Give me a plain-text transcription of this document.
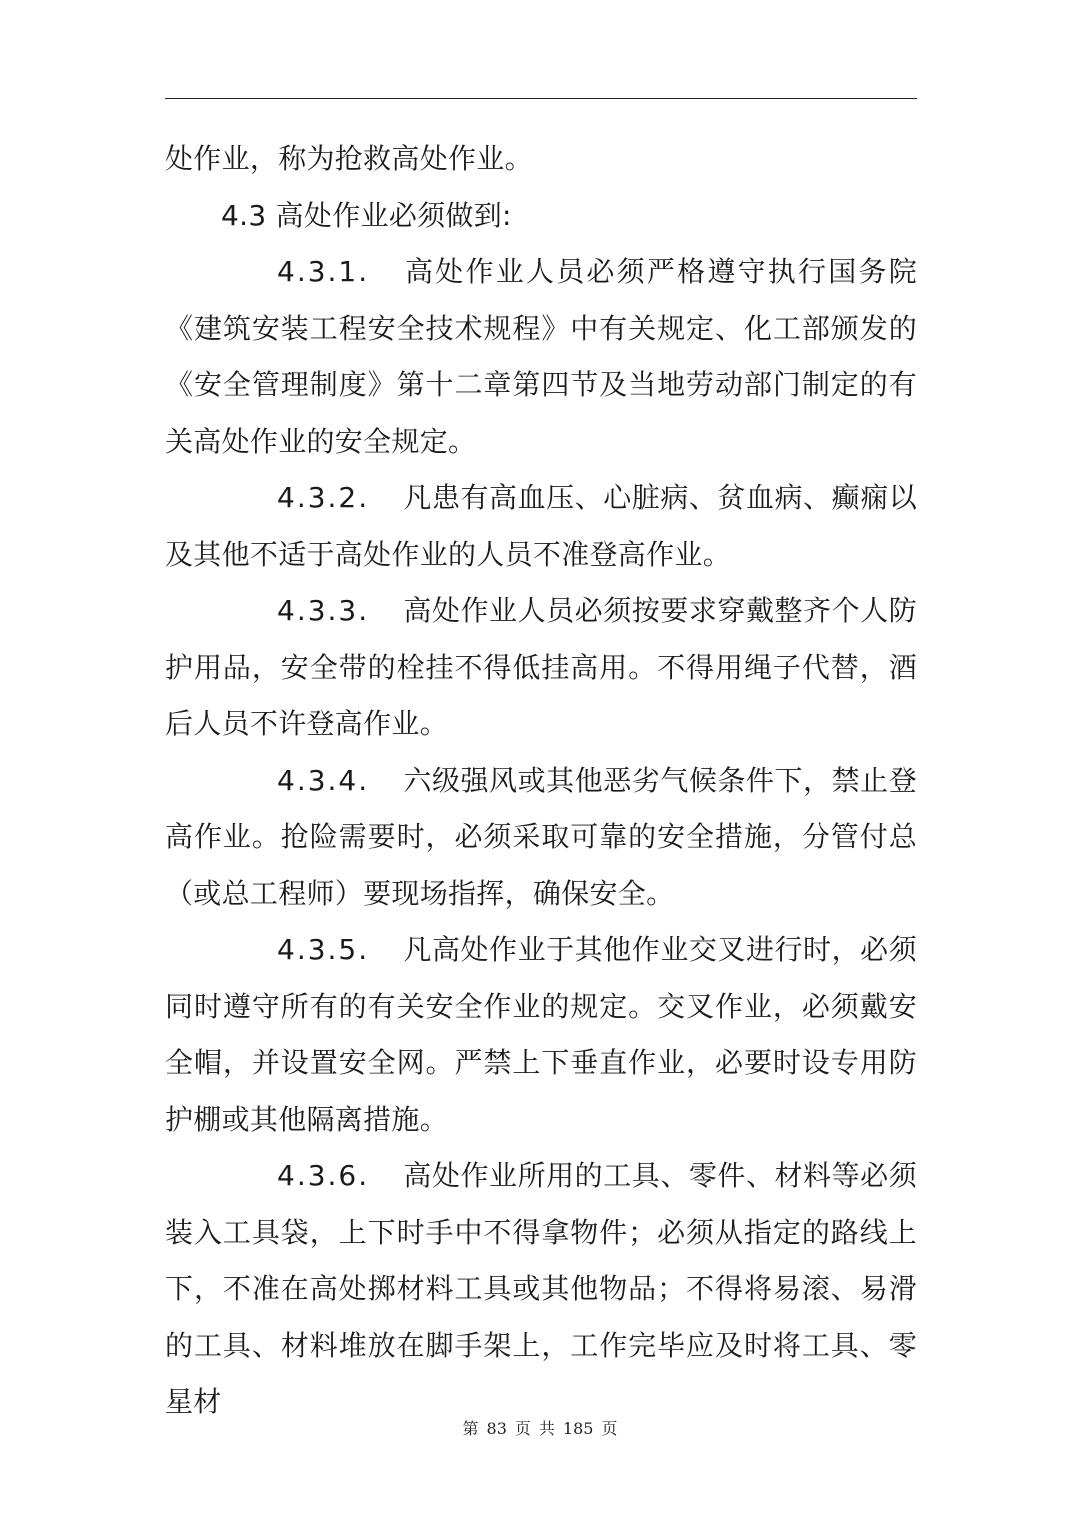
处作业，称为抢救高处作业。

4.3 高处作业必须做到:

4.3.1. 高处作业人员必须严格遵守执行国务院《建筑安装工程安全技术规程》中有关规定、化工部颁发的《安全管理制度》第十二章第四节及当地劳动部门制定的有关高处作业的安全规定。

4.3.2. 凡患有高血压、心脏病、贫血病、癫痫以及其他不适于高处作业的人员不准登高作业。

4.3.3. 高处作业人员必须按要求穿戴整齐个人防护用品，安全带的栓挂不得低挂高用。不得用绳子代替，酒后人员不许登高作业。

4.3.4. 六级强风或其他恶劣气候条件下，禁止登高作业。抢险需要时，必须采取可靠的安全措施，分管付总（或总工程师）要现场指挥，确保安全。

4.3.5. 凡高处作业于其他作业交叉进行时，必须同时遵守所有的有关安全作业的规定。交叉作业，必须戴安全帽，并设置安全网。严禁上下垂直作业，必要时设专用防护棚或其他隔离措施。

4.3.6. 高处作业所用的工具、零件、材料等必须装入工具袋，上下时手中不得拿物件；必须从指定的路线上下，不准在高处掷材料工具或其他物品；不得将易滚、易滑的工具、材料堆放在脚手架上，工作完毕应及时将工具、零星材

第 83 页 共 185 页
